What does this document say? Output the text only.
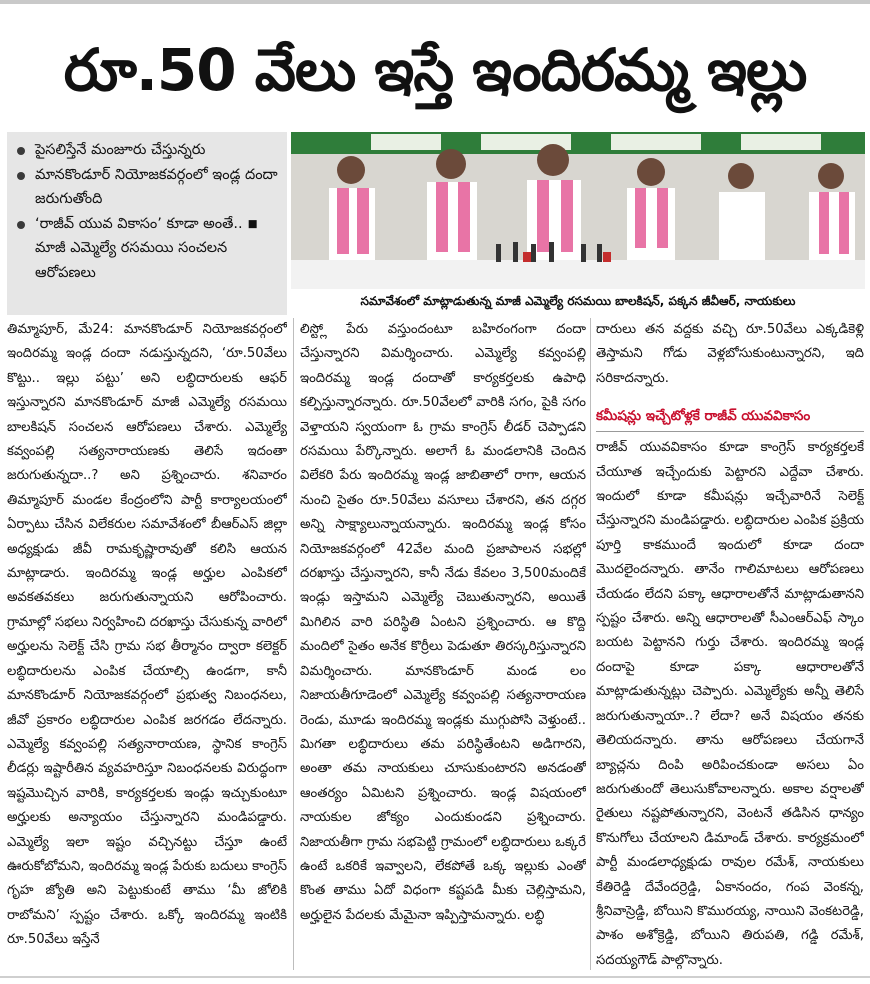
రూ.50 వేలు ఇస్తే ఇందిరమ్మ ఇల్లు
పైసలిస్తేనే మంజూరు చేస్తున్నరు
మానకొండూర్ నియోజకవర్గంలో ఇండ్ల దందా జరుగుతోంది
‘రాజీవ్ యువ వికాసం’ కూడా అంతే.. ◾ మాజీ ఎమ్మెల్యే రసమయి సంచలన ఆరోపణలు
సమావేశంలో మాట్లాడుతున్న మాజీ ఎమ్మెల్యే రసమయి బాలకిషన్, పక్కన జీవీఆర్, నాయకులు

తిమ్మాపూర్, మే24: మానకొండూర్ నియోజకవర్గంలో ఇందిరమ్మ ఇండ్ల దందా నడుస్తున్నదని, ‘రూ.50వేలు కొట్టు.. ఇల్లు పట్టు’ అని లబ్ధిదారులకు ఆఫర్ ఇస్తున్నారని మానకొండూర్ మాజీ ఎమ్మెల్యే రసమయి బాలకిషన్ సంచలన ఆరోపణలు చేశారు. ఎమ్మెల్యే కవ్వంపల్లి సత్యనారాయణకు తెలిసే ఇదంతా జరుగుతున్నదా..? అని ప్రశ్నించారు. శనివారం తిమ్మాపూర్ మండల కేంద్రంలోని పార్టీ కార్యాలయంలో ఏర్పాటు చేసిన విలేకరుల సమావేశంలో బీఆర్ఎస్ జిల్లా అధ్యక్షుడు జీవీ రామకృష్ణారావుతో కలిసి ఆయన మాట్లాడారు. ఇందిరమ్మ ఇండ్ల అర్హుల ఎంపికలో అవకతవకలు జరుగుతున్నాయని ఆరోపించారు. గ్రామాల్లో సభలు నిర్వహించి దరఖాస్తు చేసుకున్న వారిలో అర్హులను సెలెక్ట్ చేసి గ్రామ సభ తీర్మానం ద్వారా కలెక్టర్ లబ్ధిదారులను ఎంపిక చేయాల్సి ఉండగా, కానీ మానకొండూర్ నియోజకవర్గంలో ప్రభుత్వ నిబంధనలు, జీవో ప్రకారం లబ్ధిదారుల ఎంపిక జరగడం లేదన్నారు. ఎమ్మెల్యే కవ్వంపల్లి సత్యనారాయణ, స్థానిక కాంగ్రెస్ లీడర్లు ఇష్టారీతిన వ్యవహరిస్తూ నిబంధనలకు విరుద్ధంగా ఇష్టమొచ్చిన వారికి, కార్యకర్తలకు ఇండ్లు ఇచ్చుకుంటూ అర్హులకు అన్యాయం చేస్తున్నారని మండిపడ్డారు. ఎమ్మెల్యే ఇలా ఇష్టం వచ్చినట్టు చేస్తూ ఉంటే ఊరుకోబోమని, ఇందిరమ్మ ఇండ్ల పేరుకు బదులు కాంగ్రెస్ గృహ జ్యోతి అని పెట్టుకుంటే తాము ‘మీ జోలికి రాబోమని’ స్పష్టం చేశారు. ఒక్కో ఇందిరమ్మ ఇంటికి రూ.50వేలు ఇస్తేనే

లిస్ట్లో పేరు వస్తుందంటూ బహిరంగంగా దందా చేస్తున్నారని విమర్శించారు. ఎమ్మెల్యే కవ్వంపల్లి ఇందిరమ్మ ఇండ్ల దందాతో కార్యకర్తలకు ఉపాధి కల్పిస్తున్నారన్నారు. రూ.50వేలలో వారికి సగం, పైకి సగం వెళ్తాయని స్వయంగా ఓ గ్రామ కాంగ్రెస్ లీడర్ చెప్పాడని రసమయి పేర్కొన్నారు. అలాగే ఓ మండలానికి చెందిన విలేకరి పేరు ఇందిరమ్మ ఇండ్ల జాబితాలో రాగా, ఆయన నుంచి సైతం రూ.50వేలు వసూలు చేశారని, తన దగ్గర అన్ని సాక్ష్యాలున్నాయన్నారు. ఇందిరమ్మ ఇండ్ల కోసం నియోజకవర్గంలో 42వేల మంది ప్రజాపాలన సభల్లో దరఖాస్తు చేస్తున్నారని, కానీ నేడు కేవలం 3,500మందికే ఇండ్లు ఇస్తామని ఎమ్మెల్యే చెబుతున్నారని, అయితే మిగిలిన వారి పరిస్థితి ఏంటని ప్రశ్నించారు. ఆ కొద్ది మందిలో సైతం అనేక కొర్రీలు పెడుతూ తిరస్కరిస్తున్నారని విమర్శించారు. మానకొండూర్ మండ లం నిజాయతీగూడెంలో ఎమ్మెల్యే కవ్వంపల్లి సత్యనారాయణ రెండు, మూడు ఇందిరమ్మ ఇండ్లకు ముగ్గుపోసి వెళ్తుంటే.. మిగతా లబ్ధిదారులు తమ పరిస్థితేంటని అడిగారని, అంతా తమ నాయకులు చూసుకుంటారని అనడంతో ఆంతర్యం ఏమిటని ప్రశ్నించారు. ఇండ్ల విషయంలో నాయకుల జోక్యం ఎందుకుండని ప్రశ్నించారు. నిజాయతీగా గ్రామ సభపెట్టి గ్రామంలో లబ్ధిదారులు ఒక్కరే ఉంటే ఒకరికే ఇవ్వాలని, లేకపోతే ఒక్క ఇల్లుకు ఎంతో కొంత తాము ఏదో విధంగా కష్టపడి మీకు చెల్లిస్తామని, అర్హులైన పేదలకు మేమైనా ఇప్పిస్తామన్నారు. లబ్ధి

దారులు తన వద్దకు వచ్చి రూ.50వేలు ఎక్కడికెళ్లి తెస్తామని గోడు వెళ్లబోసుకుంటున్నారని, ఇది సరికాదన్నారు.

కమీషన్లు ఇచ్చేటోళ్లకే రాజీవ్ యువవికాసం

రాజీవ్ యువవికాసం కూడా కాంగ్రెస్ కార్యకర్తలకే చేయూత ఇచ్చేందుకు పెట్టారని ఎద్దేవా చేశారు. ఇందులో కూడా కమీషన్లు ఇచ్చేవారినే సెలెక్ట్ చేస్తున్నారని మండిపడ్డారు. లబ్ధిదారుల ఎంపిక ప్రక్రియ పూర్తి కాకముందే ఇందులో కూడా దందా మొదలైందన్నారు. తానేం గాలిమాటలు ఆరోపణలు చేయడం లేదని పక్కా ఆధారాలతోనే మాట్లాడుతానని స్పష్టం చేశారు. అన్ని ఆధారాలతో సీఎంఆర్ఎఫ్ స్కాం బయట పెట్టానని గుర్తు చేశారు. ఇందిరమ్మ ఇండ్ల దందాపై కూడా పక్కా ఆధారాలతోనే మాట్లాడుతున్నట్లు చెప్పారు. ఎమ్మెల్యేకు అన్నీ తెలిసే జరుగుతున్నాయా..? లేదా? అనే విషయం తనకు తెలియదన్నారు. తాను ఆరోపణలు చేయగానే బ్యాచ్లను దింపి అరిపించకుండా అసలు ఏం జరుగుతుందో తెలుసుకోవాలన్నారు. అకాల వర్షాలతో రైతులు నష్టపోతున్నారని, వెంటనే తడిసిన ధాన్యం కొనుగోలు చేయాలని డిమాండ్ చేశారు. కార్యక్రమంలో పార్టీ మండలాధ్యక్షుడు రావుల రమేశ్, నాయకులు కేతిరెడ్డి దేవేందర్రెడ్డి, ఏకానందం, గంప వెంకన్న, శ్రీనివాస్రెడ్డి, బోయిని కొమురయ్య, నాయిని వెంకటరెడ్డి, పాశం అశోక్రెడ్డి, బోయిని తిరుపతి, గడ్డి రమేశ్, సదయ్యగౌడ్ పాల్గొన్నారు.
